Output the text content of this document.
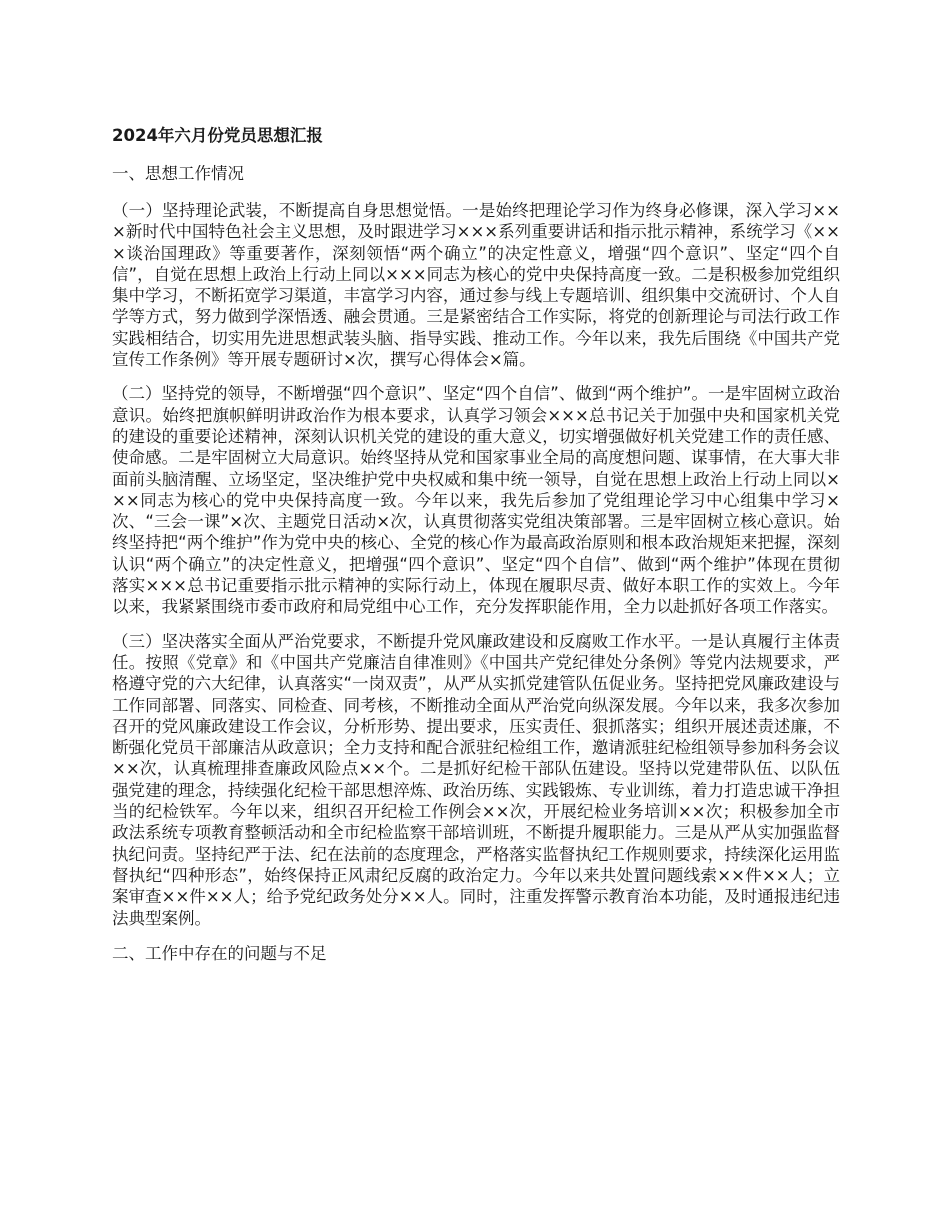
2024年六月份党员思想汇报
一、思想工作情况

（一）坚持理论武装，不断提高自身思想觉悟。一是始终把理论学习作为终身必修课，深入学习×××新时代中国特色社会主义思想，及时跟进学习×××系列重要讲话和指示批示精神，系统学习《×××谈治国理政》等重要著作，深刻领悟“两个确立”的决定性意义，增强“四个意识”、坚定“四个自信”，自觉在思想上政治上行动上同以×××同志为核心的党中央保持高度一致。二是积极参加党组织集中学习，不断拓宽学习渠道，丰富学习内容，通过参与线上专题培训、组织集中交流研讨、个人自学等方式，努力做到学深悟透、融会贯通。三是紧密结合工作实际，将党的创新理论与司法行政工作实践相结合，切实用先进思想武装头脑、指导实践、推动工作。今年以来，我先后围绕《中国共产党宣传工作条例》等开展专题研讨×次，撰写心得体会×篇。

（二）坚持党的领导，不断增强“四个意识”、坚定“四个自信”、做到“两个维护”。一是牢固树立政治意识。始终把旗帜鲜明讲政治作为根本要求，认真学习领会×××总书记关于加强中央和国家机关党的建设的重要论述精神，深刻认识机关党的建设的重大意义，切实增强做好机关党建工作的责任感、使命感。二是牢固树立大局意识。始终坚持从党和国家事业全局的高度想问题、谋事情，在大事大非面前头脑清醒、立场坚定，坚决维护党中央权威和集中统一领导，自觉在思想上政治上行动上同以×××同志为核心的党中央保持高度一致。今年以来，我先后参加了党组理论学习中心组集中学习×次、“三会一课”×次、主题党日活动×次，认真贯彻落实党组决策部署。三是牢固树立核心意识。始终坚持把“两个维护”作为党中央的核心、全党的核心作为最高政治原则和根本政治规矩来把握，深刻认识“两个确立”的决定性意义，把增强“四个意识”、坚定“四个自信”、做到“两个维护”体现在贯彻落实×××总书记重要指示批示精神的实际行动上，体现在履职尽责、做好本职工作的实效上。今年以来，我紧紧围绕市委市政府和局党组中心工作，充分发挥职能作用，全力以赴抓好各项工作落实。

（三）坚决落实全面从严治党要求，不断提升党风廉政建设和反腐败工作水平。一是认真履行主体责任。按照《党章》和《中国共产党廉洁自律准则》《中国共产党纪律处分条例》等党内法规要求，严格遵守党的六大纪律，认真落实“一岗双责”，从严从实抓党建管队伍促业务。坚持把党风廉政建设与工作同部署、同落实、同检查、同考核，不断推动全面从严治党向纵深发展。今年以来，我多次参加召开的党风廉政建设工作会议，分析形势、提出要求，压实责任、狠抓落实；组织开展述责述廉，不断强化党员干部廉洁从政意识；全力支持和配合派驻纪检组工作，邀请派驻纪检组领导参加科务会议××次，认真梳理排查廉政风险点××个。二是抓好纪检干部队伍建设。坚持以党建带队伍、以队伍强党建的理念，持续强化纪检干部思想淬炼、政治历练、实践锻炼、专业训练，着力打造忠诚干净担当的纪检铁军。今年以来，组织召开纪检工作例会××次，开展纪检业务培训××次；积极参加全市政法系统专项教育整顿活动和全市纪检监察干部培训班，不断提升履职能力。三是从严从实加强监督执纪问责。坚持纪严于法、纪在法前的态度理念，严格落实监督执纪工作规则要求，持续深化运用监督执纪“四种形态”，始终保持正风肃纪反腐的政治定力。今年以来共处置问题线索××件××人；立案审查××件××人；给予党纪政务处分××人。同时，注重发挥警示教育治本功能，及时通报违纪违法典型案例。

二、工作中存在的问题与不足
